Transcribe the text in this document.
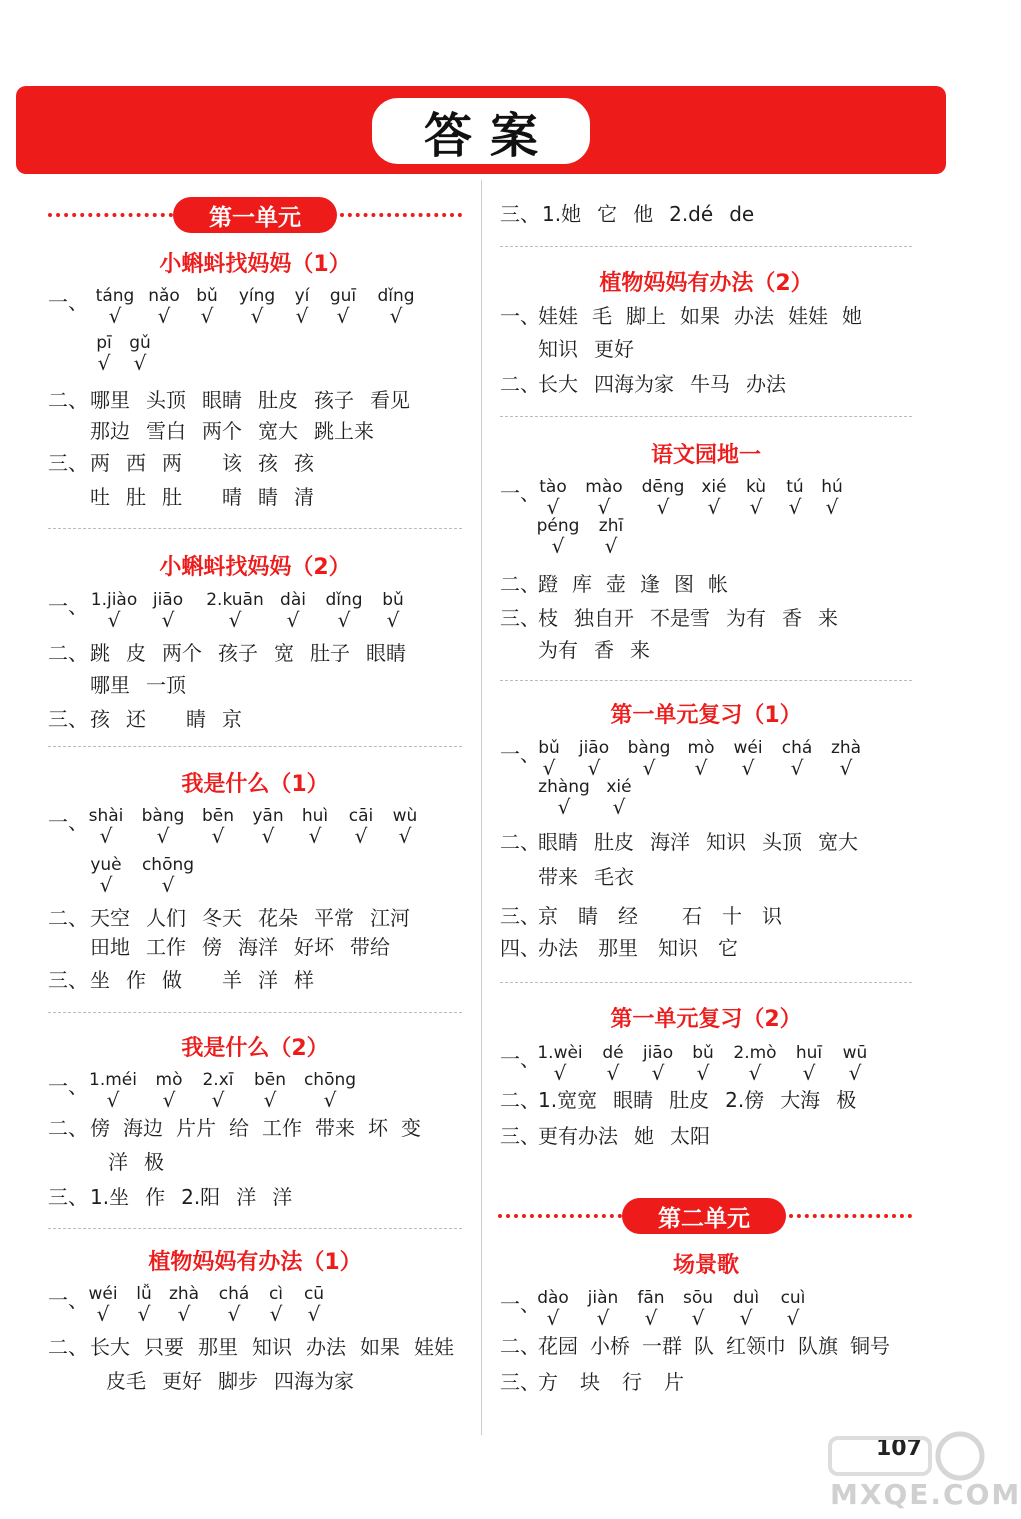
答案
第一单元
小蝌蚪找妈妈（1）
一、 táng
√
nǎo
√
bǔ
√
yíng
√
yí
√
guī
√
dǐng
√
pī
√
gǔ
√
二、 哪里 头顶 眼睛 肚皮 孩子 看见
那边 雪白 两个 宽大 跳上来
三、 两 西 两 该 孩 孩
吐 肚 肚 晴 睛 清
小蝌蚪找妈妈（2）
一、 1.jiào
√
jiāo
√
2.kuān
√
dài
√
dǐng
√
bǔ
√
二、 跳 皮 两个 孩子 宽 肚子 眼睛
哪里 一顶
三、 孩 还 睛 京
我是什么（1）
一、 shài
√
bàng
√
bēn
√
yān
√
huì
√
cāi
√
wù
√
yuè
√
chōng
√
二、 天空 人们 冬天 花朵 平常 江河
田地 工作 傍 海洋 好坏 带给
三、 坐 作 做 羊 洋 样
我是什么（2）
一、 1.méi
√
mò
√
2.xī
√
bēn
√
chōng
√
二、 傍 海边 片片 给 工作 带来 坏 变
洋 极
三、 1.坐 作 2.阳 洋 洋
植物妈妈有办法（1）
一、 wéi
√
lǚ
√
zhà
√
chá
√
cì
√
cū
√
二、 长大 只要 那里 知识 办法 如果 娃娃
皮毛 更好 脚步 四海为家
三、 1.她 它 他 2.dé de
植物妈妈有办法（2）
一、娃娃 毛 脚上 如果 办法 娃娃 她
知识 更好
二、长大 四海为家 牛马 办法
语文园地一
一、 tào
√
mào
√
dēng
√
xié
√
kù
√
tú
√
hú
√
péng
√
zhī
√
二、蹬 库 壶 逢 图 帐
三、枝 独自开 不是雪 为有 香 来
为有 香 来
第一单元复习（1）
一、
bǔ
√
jiāo
√
bàng
√
mò
√
wéi
√
chá
√
zhà
√
zhàng
√
xié
√
二、眼睛 肚皮 海洋 知识 头顶 宽大
带来 毛衣
三、京 睛 经 石 十 识
四、办法 那里 知识 它
第一单元复习（2）
一、
1.wèi
√
dé
√
jiāo
√
bǔ
√
2.mò
√
huī
√
wū
√
二、1.宽宽 眼睛 肚皮 2.傍 大海 极
三、更有办法 她 太阳
第二单元
场景歌
一、
dào
√
jiàn
√
fān
√
sōu
√
duì
√
cuì
√
二、花园 小桥 一群 队 红领巾 队旗 铜号
三、方 块 行 片
107
MXQE.COM
